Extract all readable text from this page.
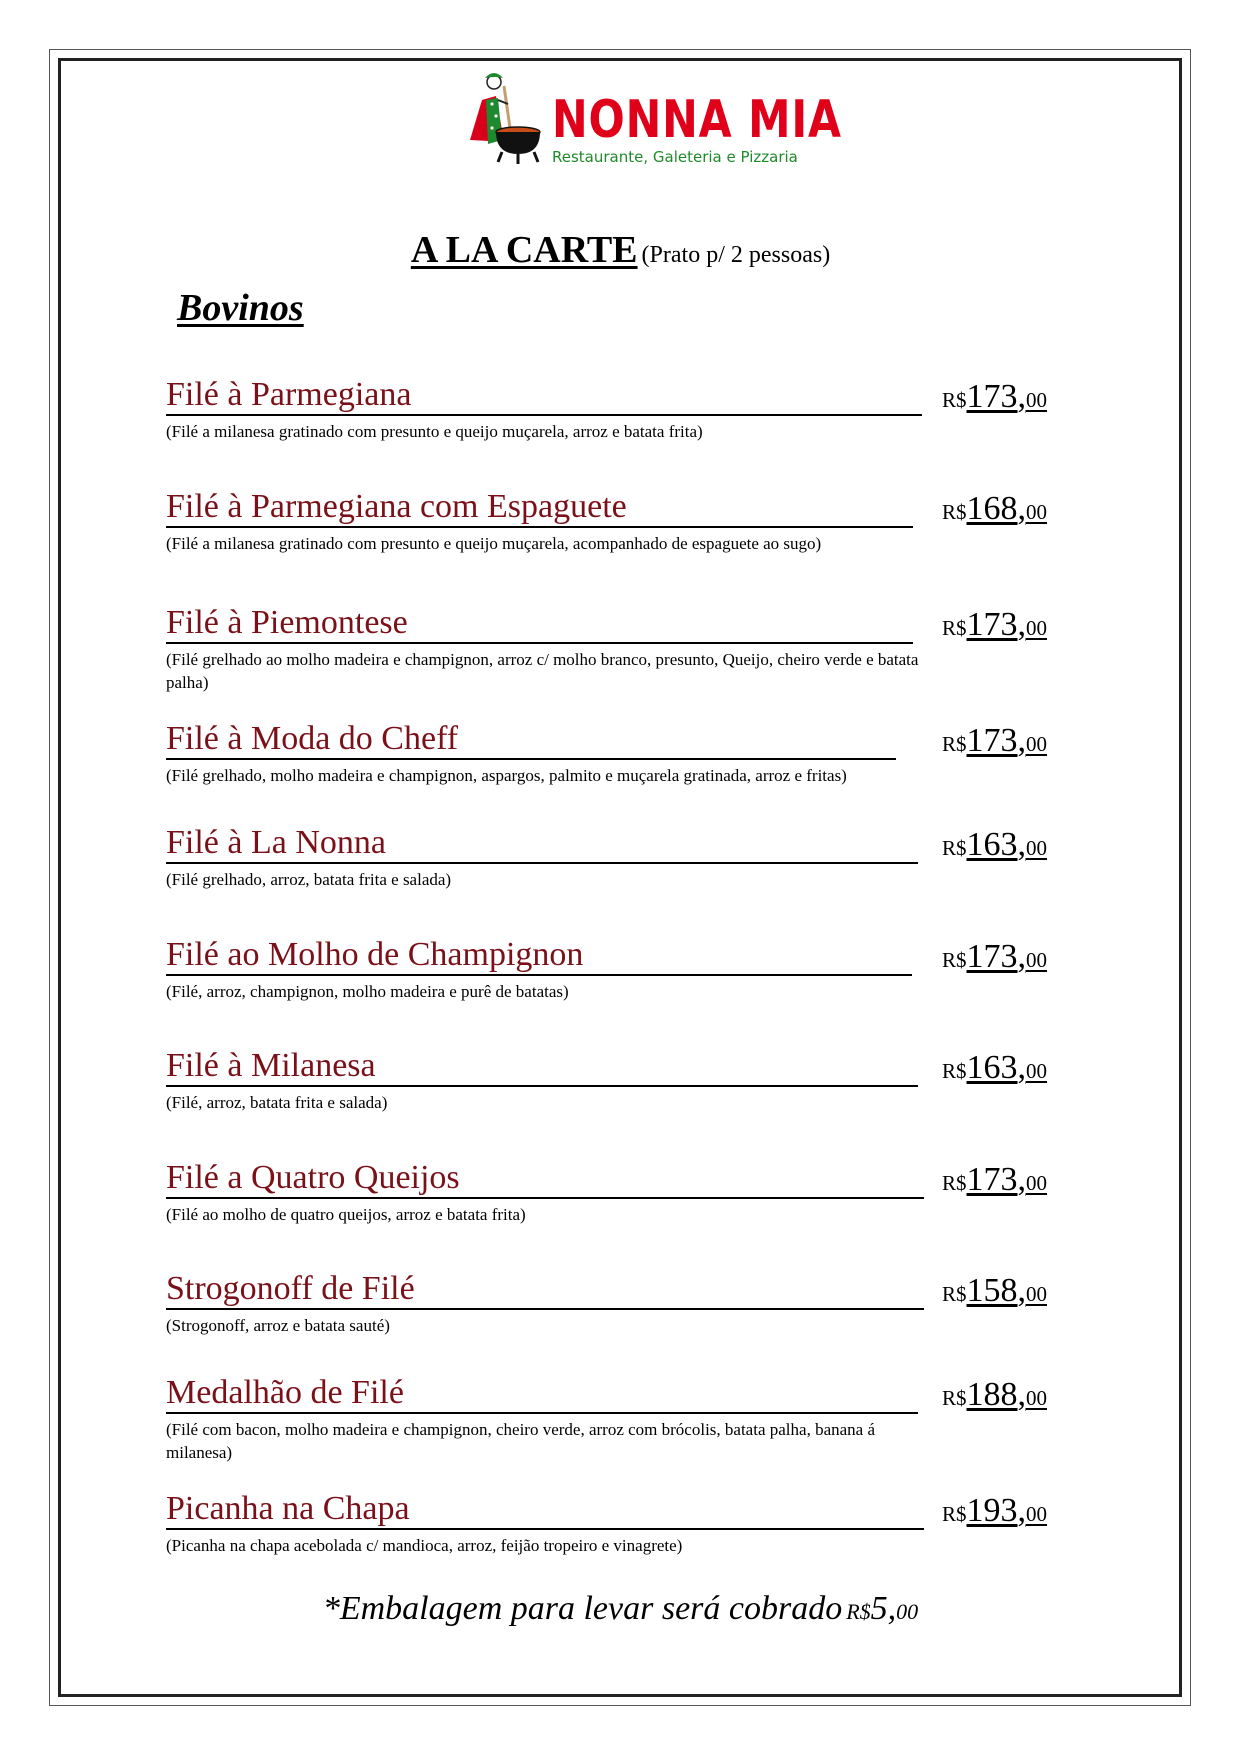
NONNA MIA
Restaurante, Galeteria e Pizzaria
A LA CARTE (Prato p/ 2 pessoas)
Bovinos
Filé à Parmegiana	R$173,00
(Filé a milanesa gratinado com presunto e queijo muçarela, arroz e batata frita)
Filé à Parmegiana com Espaguete	R$168,00
(Filé a milanesa gratinado com presunto e queijo muçarela, acompanhado de espaguete ao sugo)
Filé à Piemontese	R$173,00
(Filé grelhado ao molho madeira e champignon, arroz c/ molho branco, presunto, Queijo, cheiro verde e batata palha)
Filé à Moda do Cheff	R$173,00
(Filé grelhado, molho madeira e champignon, aspargos, palmito e muçarela gratinada, arroz e fritas)
Filé à La Nonna	R$163,00
(Filé grelhado, arroz, batata frita e salada)
Filé ao Molho de Champignon	R$173,00
(Filé, arroz, champignon, molho madeira e purê de batatas)
Filé à Milanesa	R$163,00
(Filé, arroz, batata frita e salada)
Filé a Quatro Queijos	R$173,00
(Filé ao molho de quatro queijos, arroz e batata frita)
Strogonoff de Filé	R$158,00
(Strogonoff, arroz e batata sauté)
Medalhão de Filé	R$188,00
(Filé com bacon, molho madeira e champignon, cheiro verde, arroz com brócolis, batata palha, banana á milanesa)
Picanha na Chapa	R$193,00
(Picanha na chapa acebolada c/ mandioca, arroz, feijão tropeiro e vinagrete)
*Embalagem para levar será cobrado R$5,00
